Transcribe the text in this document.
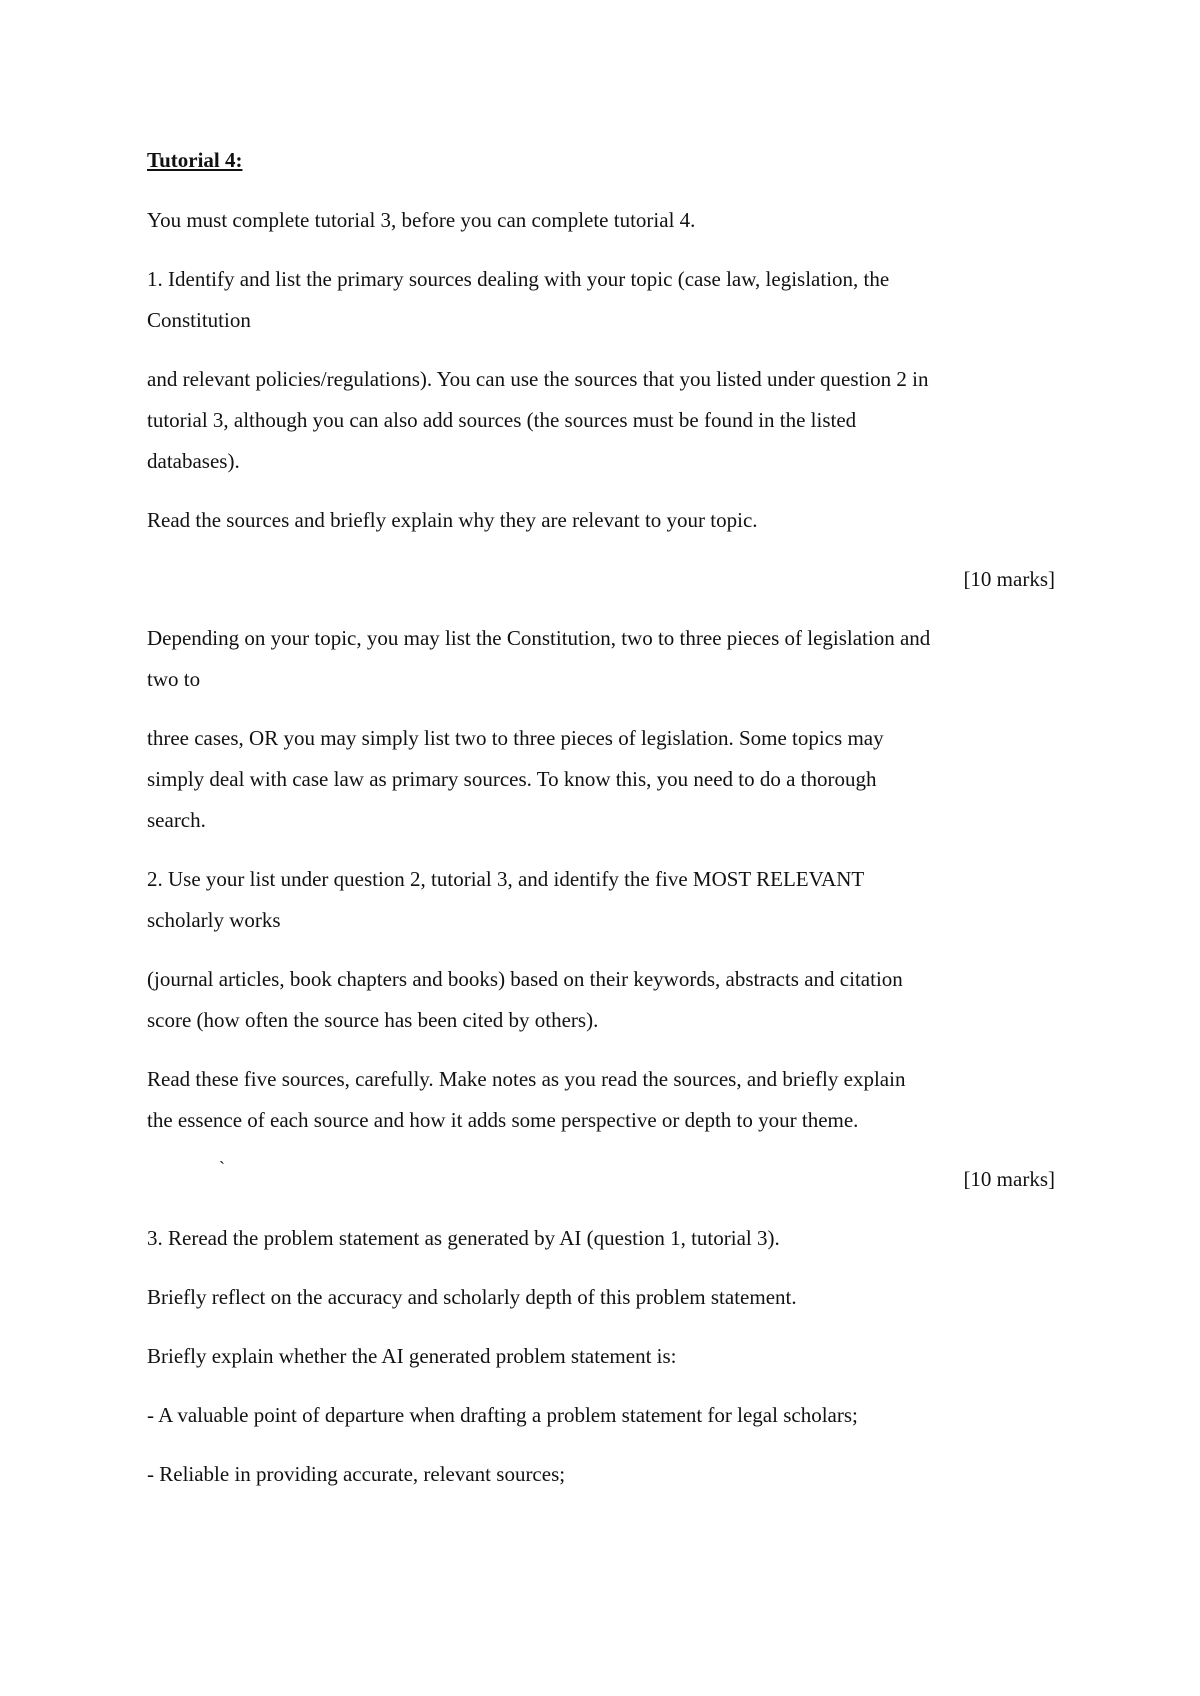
Tutorial 4:

You must complete tutorial 3, before you can complete tutorial 4.

1. Identify and list the primary sources dealing with your topic (case law, legislation, the

Constitution

and relevant policies/regulations). You can use the sources that you listed under question 2 in

tutorial 3, although you can also add sources (the sources must be found in the listed

databases).

Read the sources and briefly explain why they are relevant to your topic.

[10 marks]

Depending on your topic, you may list the Constitution, two to three pieces of legislation and

two to

three cases, OR you may simply list two to three pieces of legislation. Some topics may

simply deal with case law as primary sources. To know this, you need to do a thorough

search.

2. Use your list under question 2, tutorial 3, and identify the five MOST RELEVANT

scholarly works

(journal articles, book chapters and books) based on their keywords, abstracts and citation

score (how often the source has been cited by others).

Read these five sources, carefully. Make notes as you read the sources, and briefly explain

the essence of each source and how it adds some perspective or depth to your theme.

`	[10 marks]

3. Reread the problem statement as generated by AI (question 1, tutorial 3).

Briefly reflect on the accuracy and scholarly depth of this problem statement.

Briefly explain whether the AI generated problem statement is:

- A valuable point of departure when drafting a problem statement for legal scholars;

- Reliable in providing accurate, relevant sources;
